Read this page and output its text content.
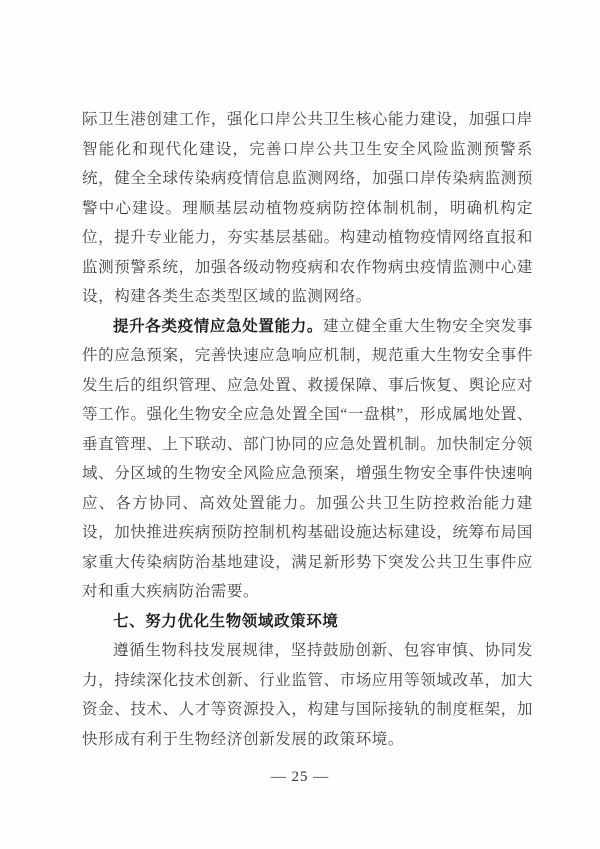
际卫生港创建工作，强化口岸公共卫生核心能力建设，加强口岸智能化和现代化建设，完善口岸公共卫生安全风险监测预警系统，健全全球传染病疫情信息监测网络，加强口岸传染病监测预警中心建设。理顺基层动植物疫病防控体制机制，明确机构定位，提升专业能力，夯实基层基础。构建动植物疫情网络直报和监测预警系统，加强各级动物疫病和农作物病虫疫情监测中心建设，构建各类生态类型区域的监测网络。

提升各类疫情应急处置能力。建立健全重大生物安全突发事件的应急预案，完善快速应急响应机制，规范重大生物安全事件发生后的组织管理、应急处置、救援保障、事后恢复、舆论应对等工作。强化生物安全应急处置全国“一盘棋”，形成属地处置、垂直管理、上下联动、部门协同的应急处置机制。加快制定分领域、分区域的生物安全风险应急预案，增强生物安全事件快速响应、各方协同、高效处置能力。加强公共卫生防控救治能力建设，加快推进疾病预防控制机构基础设施达标建设，统筹布局国家重大传染病防治基地建设，满足新形势下突发公共卫生事件应对和重大疾病防治需要。

七、努力优化生物领域政策环境

遵循生物科技发展规律，坚持鼓励创新、包容审慎、协同发力，持续深化技术创新、行业监管、市场应用等领域改革，加大资金、技术、人才等资源投入，构建与国际接轨的制度框架，加快形成有利于生物经济创新发展的政策环境。

— 25 —
